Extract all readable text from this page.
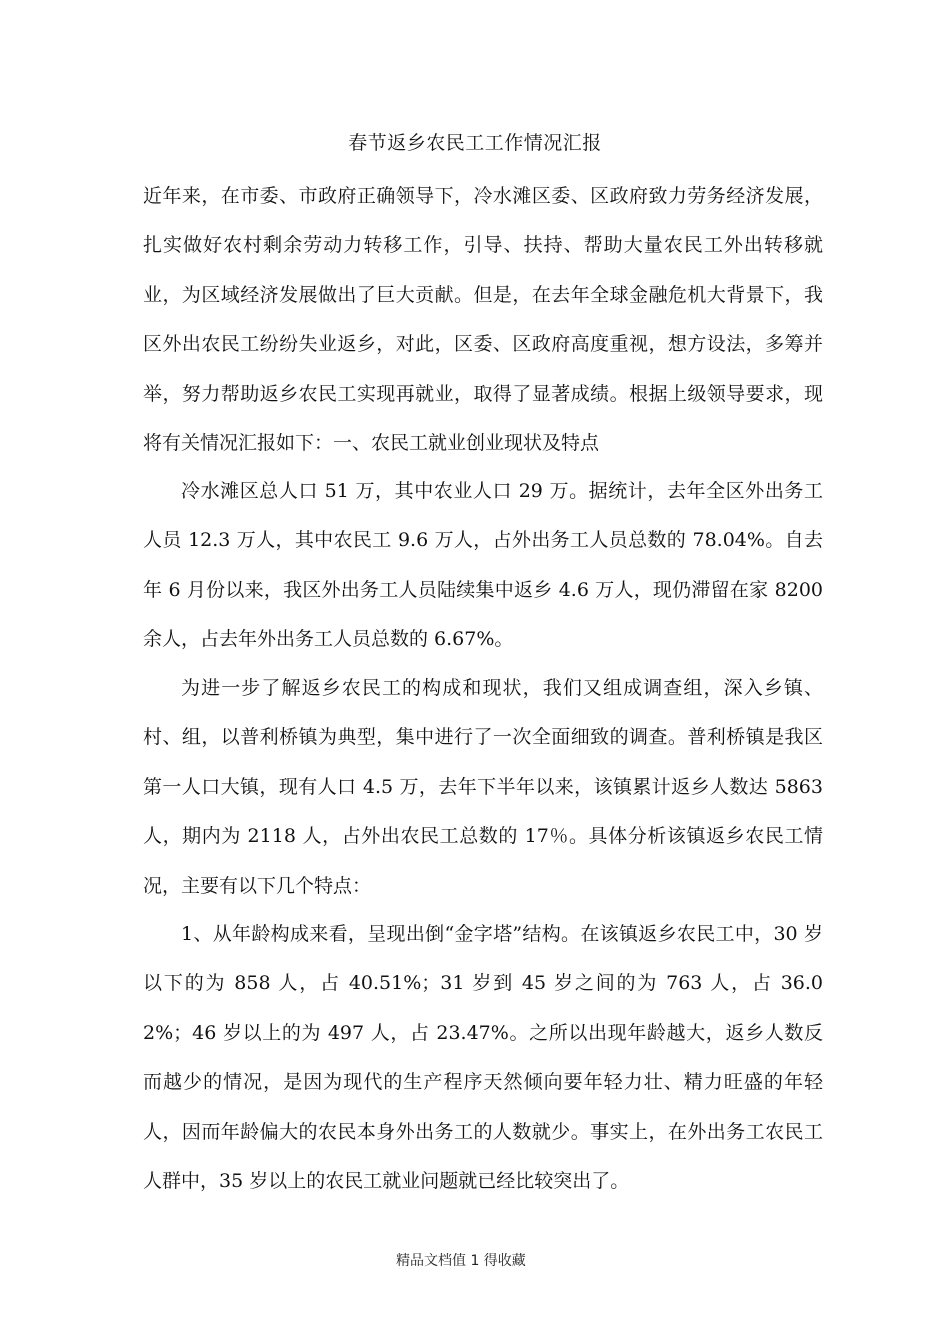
春节返乡农民工工作情况汇报

近年来，在市委、市政府正确领导下，冷水滩区委、区政府致力劳务经济发展，扎实做好农村剩余劳动力转移工作，引导、扶持、帮助大量农民工外出转移就业，为区域经济发展做出了巨大贡献。但是，在去年全球金融危机大背景下，我区外出农民工纷纷失业返乡，对此，区委、区政府高度重视，想方设法，多筹并举，努力帮助返乡农民工实现再就业，取得了显著成绩。根据上级领导要求，现将有关情况汇报如下：一、农民工就业创业现状及特点

冷水滩区总人口 51 万，其中农业人口 29 万。据统计，去年全区外出务工人员 12.3 万人，其中农民工 9.6 万人，占外出务工人员总数的 78.04%。自去年 6 月份以来，我区外出务工人员陆续集中返乡 4.6 万人，现仍滞留在家 8200 余人，占去年外出务工人员总数的 6.67%。

为进一步了解返乡农民工的构成和现状，我们又组成调查组，深入乡镇、村、组，以普利桥镇为典型，集中进行了一次全面细致的调查。普利桥镇是我区第一人口大镇，现有人口 4.5 万，去年下半年以来，该镇累计返乡人数达 5863 人，期内为 2118 人，占外出农民工总数的 17％。具体分析该镇返乡农民工情况，主要有以下几个特点：

1、从年龄构成来看，呈现出倒“金字塔”结构。在该镇返乡农民工中，30 岁以下的为 858 人，占 40.51%；31 岁到 45 岁之间的为 763 人，占 36.02%；46 岁以上的为 497 人，占 23.47%。之所以出现年龄越大，返乡人数反而越少的情况，是因为现代的生产程序天然倾向要年轻力壮、精力旺盛的年轻人，因而年龄偏大的农民本身外出务工的人数就少。事实上，在外出务工农民工人群中，35 岁以上的农民工就业问题就已经比较突出了。

精品文档值 1 得收藏
